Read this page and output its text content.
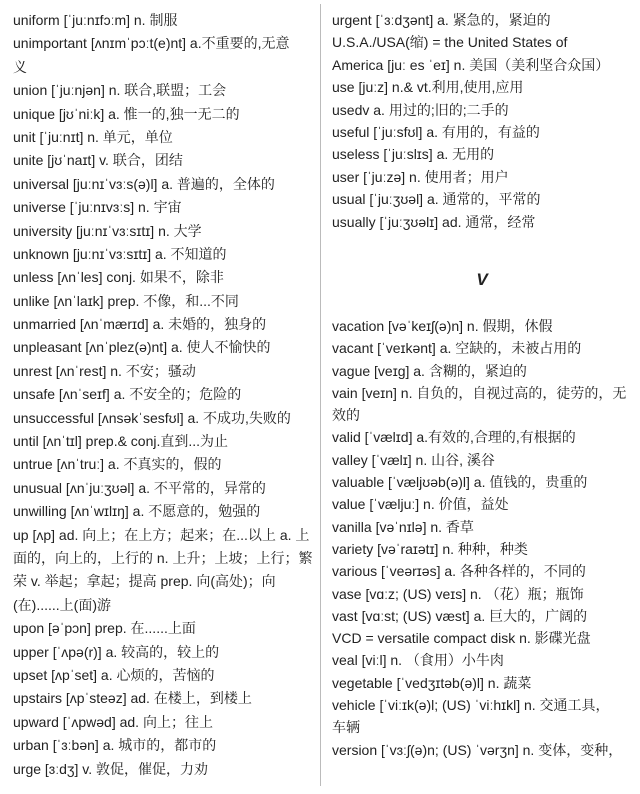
uniform [ˈjuːnɪfɔːm] n. 制服
unimportant [ʌnɪmˈpɔːt(e)nt] a.不重要的,无意
义
union [ˈjuːnjən] n. 联合,联盟；工会
unique [jʊˈniːk] a. 惟一的,独一无二的
unit [ˈjuːnɪt] n. 单元，单位
unite [jʊˈnaɪt] v. 联合，团结
universal [juːnɪˈvɜːs(ə)l] a. 普遍的，全体的
universe [ˈjuːnɪvɜːs] n. 宇宙
university [juːnɪˈvɜːsɪtɪ] n. 大学
unknown [juːnɪˈvɜːsɪtɪ] a. 不知道的
unless [ʌnˈles] conj. 如果不，除非
unlike [ʌnˈlaɪk] prep. 不像，和...不同
unmarried [ʌnˈmærɪd] a. 未婚的，独身的
unpleasant [ʌnˈplez(ə)nt] a. 使人不愉快的
unrest [ʌnˈrest] n. 不安；骚动
unsafe [ʌnˈseɪf] a. 不安全的；危险的
unsuccessful [ʌnsəkˈsesfʊl] a. 不成功,失败的
until [ʌnˈtɪl] prep.& conj.直到...为止
untrue [ʌnˈtruː] a. 不真实的，假的
unusual [ʌnˈjuːʒʊəl] a. 不平常的，异常的
unwilling [ʌnˈwɪlɪŋ] a. 不愿意的，勉强的
up [ʌp] ad. 向上；在上方；起来；在...以上 a. 上
面的，向上的，上行的 n. 上升；上坡；上行；繁
荣 v. 举起；拿起；提高 prep. 向(高处)；向
(在)......上(面)游
upon [əˈpɔn] prep. 在......上面
upper [ˈʌpə(r)] a. 较高的，较上的
upset [ʌpˈset] a. 心烦的，苦恼的
upstairs [ʌpˈsteəz] ad. 在楼上，到楼上
upward [ˈʌpwəd] ad. 向上；往上
urban [ˈɜːbən] a. 城市的，都市的
urge [ɜːdʒ] v. 敦促，催促，力劝
urgent [ˈɜːdʒənt] a. 紧急的，紧迫的
U.S.A./USA(缩) = the United States of
America [juː es ˈeɪ] n. 美国（美利坚合众国）
use [juːz] n.& vt.利用,使用,应用
usedv a. 用过的;旧的;二手的
useful [ˈjuːsfʊl] a. 有用的，有益的
useless [ˈjuːslɪs] a. 无用的
user [ˈjuːzə] n. 使用者；用户
usual [ˈjuːʒʊəl] a. 通常的，平常的
usually [ˈjuːʒʊəlɪ] ad. 通常，经常
V
vacation [vəˈkeɪʃ(ə)n] n. 假期，休假
vacant [ˈveɪkənt] a. 空缺的，未被占用的
vague [veɪg] a. 含糊的，紧迫的
vain [veɪn] n. 自负的，自视过高的，徒劳的，无
效的
valid [ˈvælɪd] a.有效的,合理的,有根据的
valley [ˈvælɪ] n. 山谷, 溪谷
valuable [ˈvæljʊəb(ə)l] a. 值钱的，贵重的
value [ˈvæljuː] n. 价值，益处
vanilla [vəˈnɪlə] n. 香草
variety [vəˈraɪətɪ] n. 种种，种类
various [ˈveərɪəs] a. 各种各样的，不同的
vase [vɑːz; (US) veɪs] n. （花）瓶；瓶饰
vast [vɑːst; (US) væst] a. 巨大的，广阔的
VCD = versatile compact disk n. 影碟光盘
veal [viːl] n. （食用）小牛肉
vegetable [ˈvedʒɪtəb(ə)l] n. 蔬菜
vehicle [ˈviːɪk(ə)l; (US) ˈviːhɪkl] n. 交通工具，
车辆
version [ˈvɜːʃ(ə)n; (US) ˈvərʒn] n. 变体，变种，
